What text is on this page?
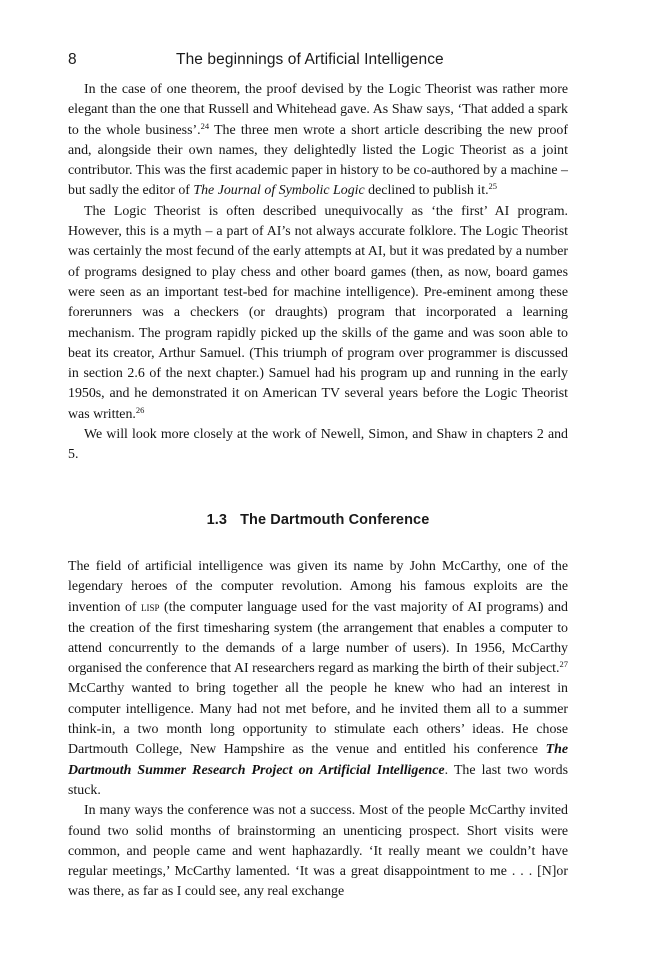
8	The beginnings of Artificial Intelligence

In the case of one theorem, the proof devised by the Logic Theorist was rather more elegant than the one that Russell and Whitehead gave. As Shaw says, ‘That added a spark to the whole business’.$^{24}$ The three men wrote a short article describing the new proof and, alongside their own names, they delightedly listed the Logic Theorist as a joint contributor. This was the first academic paper in history to be co-authored by a machine – but sadly the editor of The Journal of Symbolic Logic declined to publish it.$^{25}$

The Logic Theorist is often described unequivocally as ‘the first’ AI program. However, this is a myth – a part of AI’s not always accurate folklore. The Logic Theorist was certainly the most fecund of the early attempts at AI, but it was predated by a number of programs designed to play chess and other board games (then, as now, board games were seen as an important test-bed for machine intelligence). Pre-eminent among these forerunners was a checkers (or draughts) program that incorporated a learning mechanism. The program rapidly picked up the skills of the game and was soon able to beat its creator, Arthur Samuel. (This triumph of program over programmer is discussed in section 2.6 of the next chapter.) Samuel had his program up and running in the early 1950s, and he demonstrated it on American TV several years before the Logic Theorist was written.$^{26}$

We will look more closely at the work of Newell, Simon, and Shaw in chapters 2 and 5.

1.3 The Dartmouth Conference

The field of artificial intelligence was given its name by John McCarthy, one of the legendary heroes of the computer revolution. Among his famous exploits are the invention of lisp (the computer language used for the vast majority of AI programs) and the creation of the first timesharing system (the arrangement that enables a computer to attend concurrently to the demands of a large number of users). In 1956, McCarthy organised the conference that AI researchers regard as marking the birth of their subject.$^{27}$ McCarthy wanted to bring together all the people he knew who had an interest in computer intelligence. Many had not met before, and he invited them all to a summer think-in, a two month long opportunity to stimulate each others’ ideas. He chose Dartmouth College, New Hampshire as the venue and entitled his conference The Dartmouth Summer Research Project on Artificial Intelligence. The last two words stuck.

In many ways the conference was not a success. Most of the people McCarthy invited found two solid months of brainstorming an unenticing prospect. Short visits were common, and people came and went haphazardly. ‘It really meant we couldn’t have regular meetings,’ McCarthy lamented. ‘It was a great disappointment to me . . . [N]or was there, as far as I could see, any real exchange
